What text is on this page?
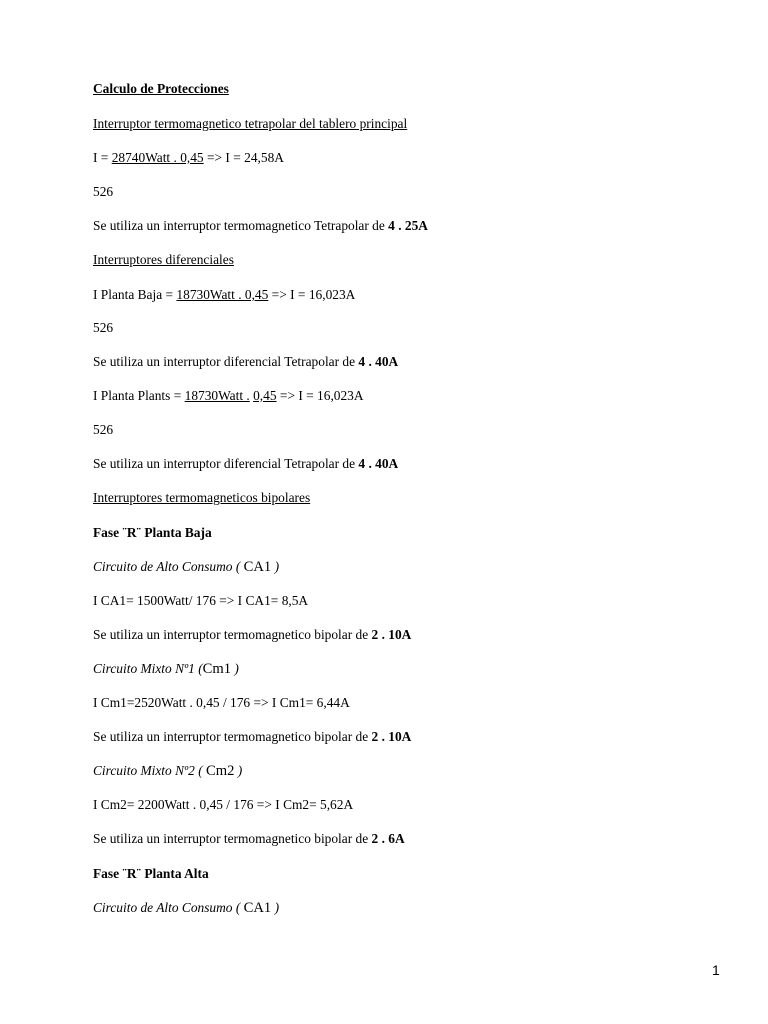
Calculo de Protecciones
Interruptor termomagnetico tetrapolar del tablero principal
I = 28740Watt . 0,45 => I = 24,58A
526
Se utiliza un interruptor termomagnetico Tetrapolar de 4 . 25A
Interruptores diferenciales
I Planta Baja = 18730Watt . 0,45 => I = 16,023A
526
Se utiliza un interruptor diferencial Tetrapolar de 4 . 40A
I Planta Plants = 18730Watt . 0,45 => I = 16,023A
526
Se utiliza un interruptor diferencial Tetrapolar de 4 . 40A
Interruptores termomagneticos bipolares
Fase ¨R¨ Planta Baja
Circuito de Alto Consumo ( CA1 )
I CA1= 1500Watt/ 176 => I CA1= 8,5A
Se utiliza un interruptor termomagnetico bipolar de 2 . 10A
Circuito Mixto Nº1 (Cm1 )
I Cm1=2520Watt . 0,45 / 176 => I Cm1= 6,44A
Se utiliza un interruptor termomagnetico bipolar de 2 . 10A
Circuito Mixto Nº2 ( Cm2 )
I Cm2= 2200Watt . 0,45 / 176 => I Cm2= 5,62A
Se utiliza un interruptor termomagnetico bipolar de 2 . 6A
Fase ¨R¨ Planta Alta
Circuito de Alto Consumo ( CA1 )
1
